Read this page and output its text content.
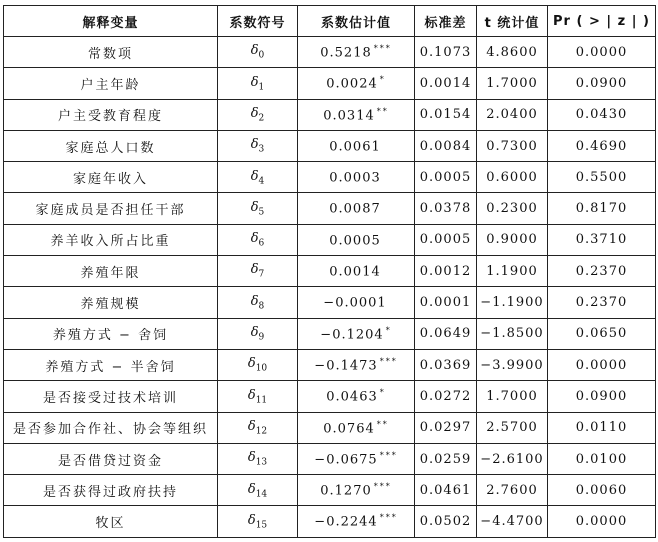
解释变量	系数符号	系数估计值	标准差	t 统计值	Pr ( > | z | )
常数项	$\delta_0$	0.5218 ***	0.1073	4.8600	0.0000
户主年龄	$\delta_1$	0.0024 *	0.0014	1.7000	0.0900
户主受教育程度	$\delta_2$	0.0314 **	0.0154	2.0400	0.0430
家庭总人口数	$\delta_3$	0.0061	0.0084	0.7300	0.4690
家庭年收入	$\delta_4$	0.0003	0.0005	0.6000	0.5500
家庭成员是否担任干部	$\delta_5$	0.0087	0.0378	0.2300	0.8170
养羊收入所占比重	$\delta_6$	0.0005	0.0005	0.9000	0.3710
养殖年限	$\delta_7$	0.0014	0.0012	1.1900	0.2370
养殖规模	$\delta_8$	−0.0001	0.0001	−1.1900	0.2370
养殖方式 − 舍饲	$\delta_9$	−0.1204 *	0.0649	−1.8500	0.0650
养殖方式 − 半舍饲	$\delta_{10}$	−0.1473 ***	0.0369	−3.9900	0.0000
是否接受过技术培训	$\delta_{11}$	0.0463 *	0.0272	1.7000	0.0900
是否参加合作社、协会等组织	$\delta_{12}$	0.0764 **	0.0297	2.5700	0.0110
是否借贷过资金	$\delta_{13}$	−0.0675 ***	0.0259	−2.6100	0.0100
是否获得过政府扶持	$\delta_{14}$	0.1270 ***	0.0461	2.7600	0.0060
牧区	$\delta_{15}$	−0.2244 ***	0.0502	−4.4700	0.0000
